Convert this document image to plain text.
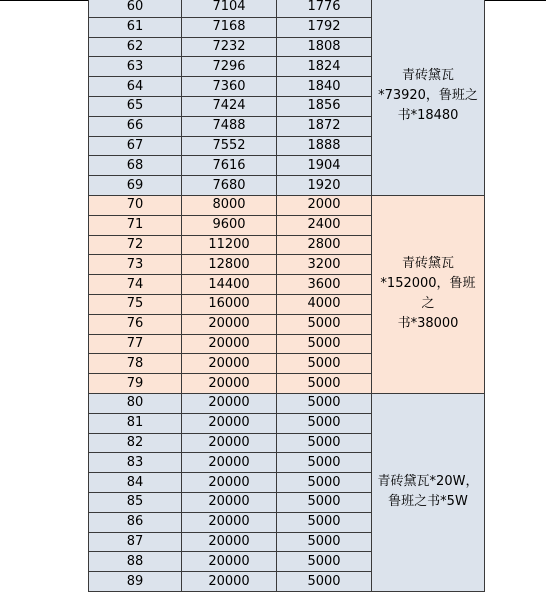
60	7104	1776	青砖黛瓦
*73920，鲁班之
书*18480

61	7168	1792	
62	7232	1808	
63	7296	1824	
64	7360	1840	
65	7424	1856	
66	7488	1872	
67	7552	1888	
68	7616	1904	
69	7680	1920	
70	8000	2000	青砖黛瓦
*152000，鲁班之
书*38000

71	9600	2400	
72	11200	2800	
73	12800	3200	
74	14400	3600	
75	16000	4000	
76	20000	5000	
77	20000	5000	
78	20000	5000	
79	20000	5000	
80	20000	5000	青砖黛瓦*20W，
鲁班之书*5W

81	20000	5000	
82	20000	5000	
83	20000	5000	
84	20000	5000	
85	20000	5000	
86	20000	5000	
87	20000	5000	
88	20000	5000	
89	20000	5000	
